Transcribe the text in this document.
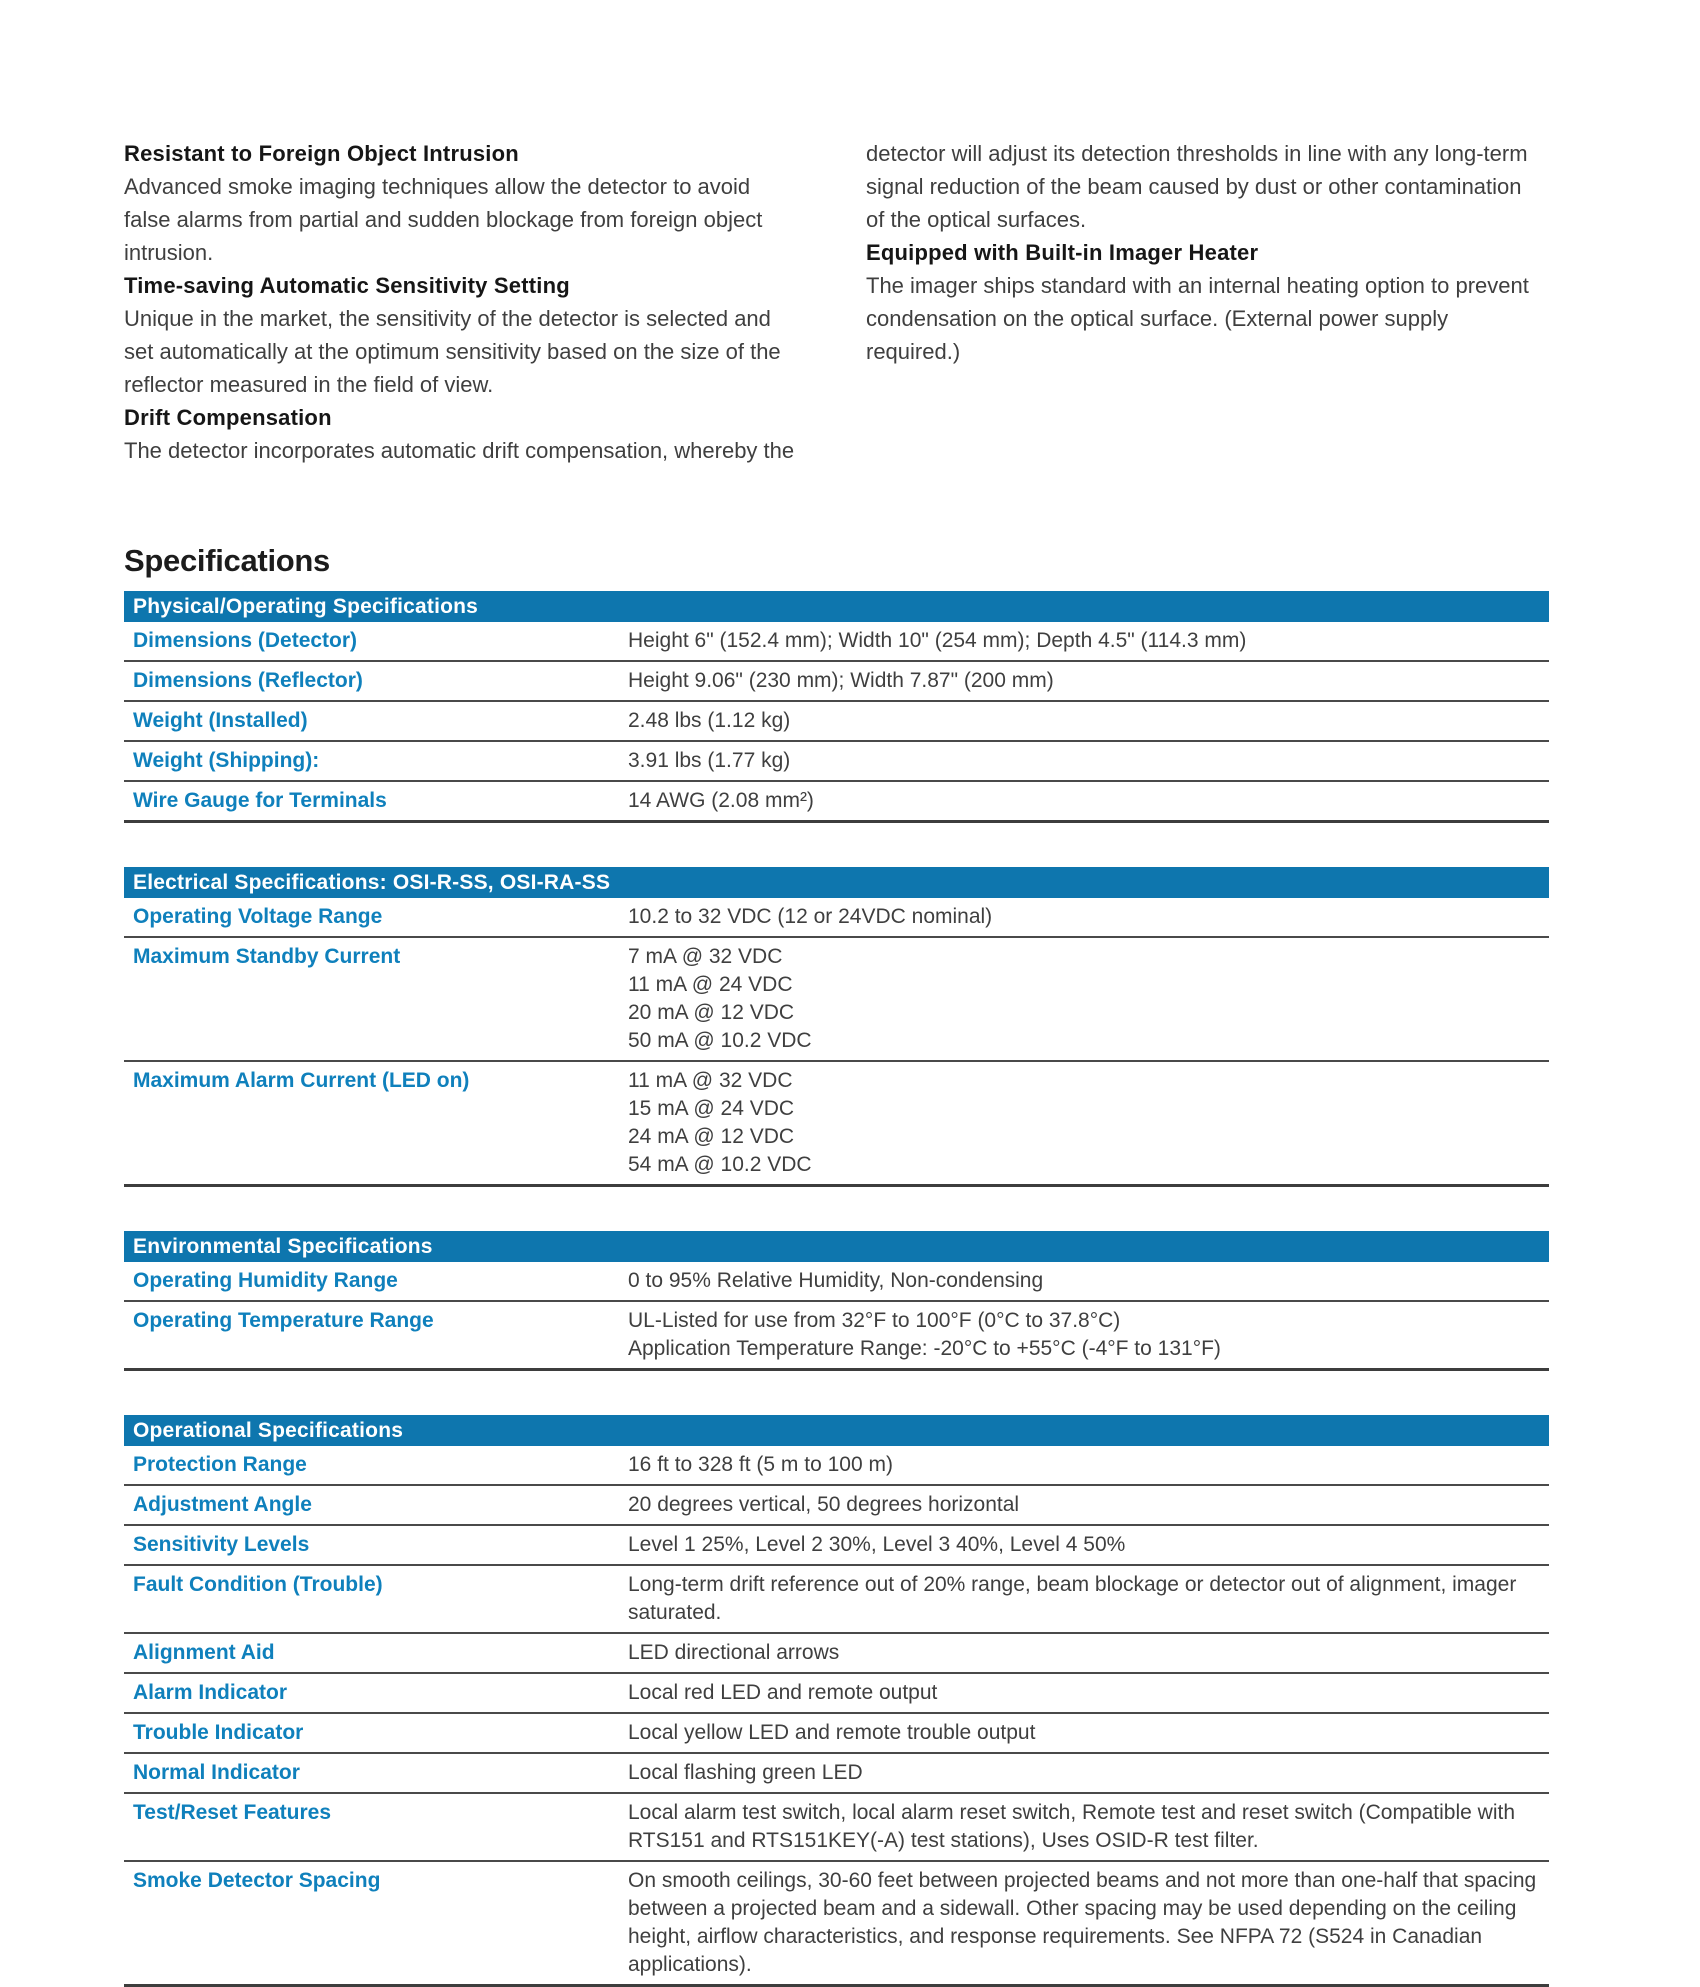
Resistant to Foreign Object Intrusion
Advanced smoke imaging techniques allow the detector to avoid false alarms from partial and sudden blockage from foreign object intrusion.
Time-saving Automatic Sensitivity Setting
Unique in the market, the sensitivity of the detector is selected and set automatically at the optimum sensitivity based on the size of the reflector measured in the field of view.
Drift Compensation
The detector incorporates automatic drift compensation, whereby the
detector will adjust its detection thresholds in line with any long-term signal reduction of the beam caused by dust or other contamination of the optical surfaces.
Equipped with Built-in Imager Heater
The imager ships standard with an internal heating option to prevent condensation on the optical surface. (External power supply required.)
Specifications
Physical/Operating Specifications
Dimensions (Detector)	Height 6" (152.4 mm); Width 10" (254 mm); Depth 4.5" (114.3 mm)
Dimensions (Reflector)	Height 9.06" (230 mm); Width 7.87" (200 mm)
Weight (Installed)	2.48 lbs (1.12 kg)
Weight (Shipping):	3.91 lbs (1.77 kg)
Wire Gauge for Terminals	14 AWG (2.08 mm²)
Electrical Specifications: OSI-R-SS, OSI-RA-SS
Operating Voltage Range	10.2 to 32 VDC (12 or 24VDC nominal)
Maximum Standby Current	7 mA @ 32 VDC
11 mA @ 24 VDC
20 mA @ 12 VDC
50 mA @ 10.2 VDC
Maximum Alarm Current (LED on)	11 mA @ 32 VDC
15 mA @ 24 VDC
24 mA @ 12 VDC
54 mA @ 10.2 VDC
Environmental Specifications
Operating Humidity Range	0 to 95% Relative Humidity, Non-condensing
Operating Temperature Range	UL-Listed for use from 32°F to 100°F (0°C to 37.8°C)
Application Temperature Range: -20°C to +55°C (-4°F to 131°F)
Operational Specifications
Protection Range	16 ft to 328 ft (5 m to 100 m)
Adjustment Angle	20 degrees vertical, 50 degrees horizontal
Sensitivity Levels	Level 1 25%, Level 2 30%, Level 3 40%, Level 4 50%
Fault Condition (Trouble)	Long-term drift reference out of 20% range, beam blockage or detector out of alignment, imager saturated.
Alignment Aid	LED directional arrows
Alarm Indicator	Local red LED and remote output
Trouble Indicator	Local yellow LED and remote trouble output
Normal Indicator	Local flashing green LED
Test/Reset Features	Local alarm test switch, local alarm reset switch, Remote test and reset switch (Compatible with RTS151 and RTS151KEY(-A) test stations), Uses OSID-R test filter.
Smoke Detector Spacing	On smooth ceilings, 30-60 feet between projected beams and not more than one-half that spacing between a projected beam and a sidewall. Other spacing may be used depending on the ceiling height, airflow characteristics, and response requirements. See NFPA 72 (S524 in Canadian applications).
